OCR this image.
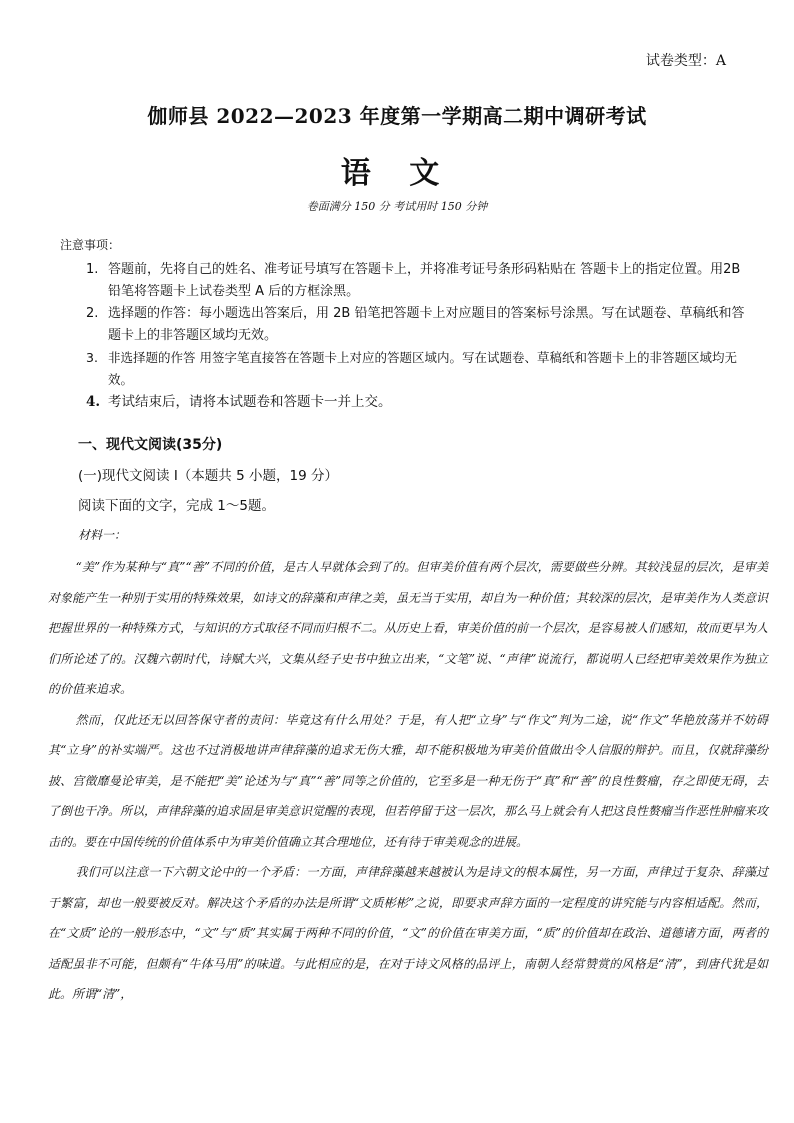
试卷类型：A
伽师县 2022—2023 年度第一学期高二期中调研考试
语 文
卷面满分 150 分 考试用时 150 分钟
注意事项：
1. 答题前，先将自己的姓名、准考证号填写在答题卡上，并将准考证号条形码粘贴在 答题卡上的指定位置。用2B 铅笔将答题卡上试卷类型 A 后的方框涂黑。
2. 选择题的作答：每小题选出答案后，用 2B 铅笔把答题卡上对应题目的答案标号涂黑。写在试题卷、草稿纸和答题卡上的非答题区域均无效。
3. 非选择题的作答 用签字笔直接答在答题卡上对应的答题区域内。写在试题卷、草稿纸和答题卡上的非答题区域均无效。
4. 考试结束后，请将本试题卷和答题卡一并上交。
一、现代文阅读(35分)
(一)现代文阅读 I（本题共 5 小题，19 分）
阅读下面的文字，完成 1～5题。
材料一：

“美”作为某种与“真”“善”不同的价值，是古人早就体会到了的。但审美价值有两个层次，需要做些分辨。其较浅显的层次，是审美对象能产生一种别于实用的特殊效果，如诗文的辞藻和声律之美，虽无当于实用，却自为一种价值；其较深的层次，是审美作为人类意识把握世界的一种特殊方式，与知识的方式取径不同而归根不二。从历史上看，审美价值的前一个层次，是容易被人们感知，故而更早为人们所论述了的。汉魏六朝时代，诗赋大兴，文集从经子史书中独立出来，“文笔”说、“声律”说流行，都说明人已经把审美效果作为独立的价值来追求。

然而，仅此还无以回答保守者的责问：毕竟这有什么用处？于是，有人把“立身”与“作文”判为二途，说“作文”华艳放荡并不妨碍其“立身”的补实端严。这也不过消极地讲声律辞藻的追求无伤大雅，却不能积极地为审美价值做出令人信服的辩护。而且，仅就辞藻纷披、宫徵靡曼论审美，是不能把“美”论述为与“真”“善”同等之价值的，它至多是一种无伤于“真”和“善”的良性赘瘤，存之即使无碍，去了倒也干净。所以，声律辞藻的追求固是审美意识觉醒的表现，但若停留于这一层次，那么马上就会有人把这良性赘瘤当作恶性肿瘤来攻击的。要在中国传统的价值体系中为审美价值确立其合理地位，还有待于审美观念的进展。

我们可以注意一下六朝文论中的一个矛盾：一方面，声律辞藻越来越被认为是诗文的根本属性，另一方面，声律过于复杂、辞藻过于繁富，却也一般要被反对。解决这个矛盾的办法是所谓“文质彬彬”之说，即要求声辞方面的一定程度的讲究能与内容相适配。然而，在“文质”论的一般形态中，“文”与“质”其实属于两种不同的价值，“文”的价值在审美方面，“质”的价值却在政治、道德诸方面，两者的适配虽非不可能，但颇有“牛体马用”的味道。与此相应的是，在对于诗文风格的品评上，南朝人经常赞赏的风格是“清”，到唐代犹是如此。所谓“清”，
